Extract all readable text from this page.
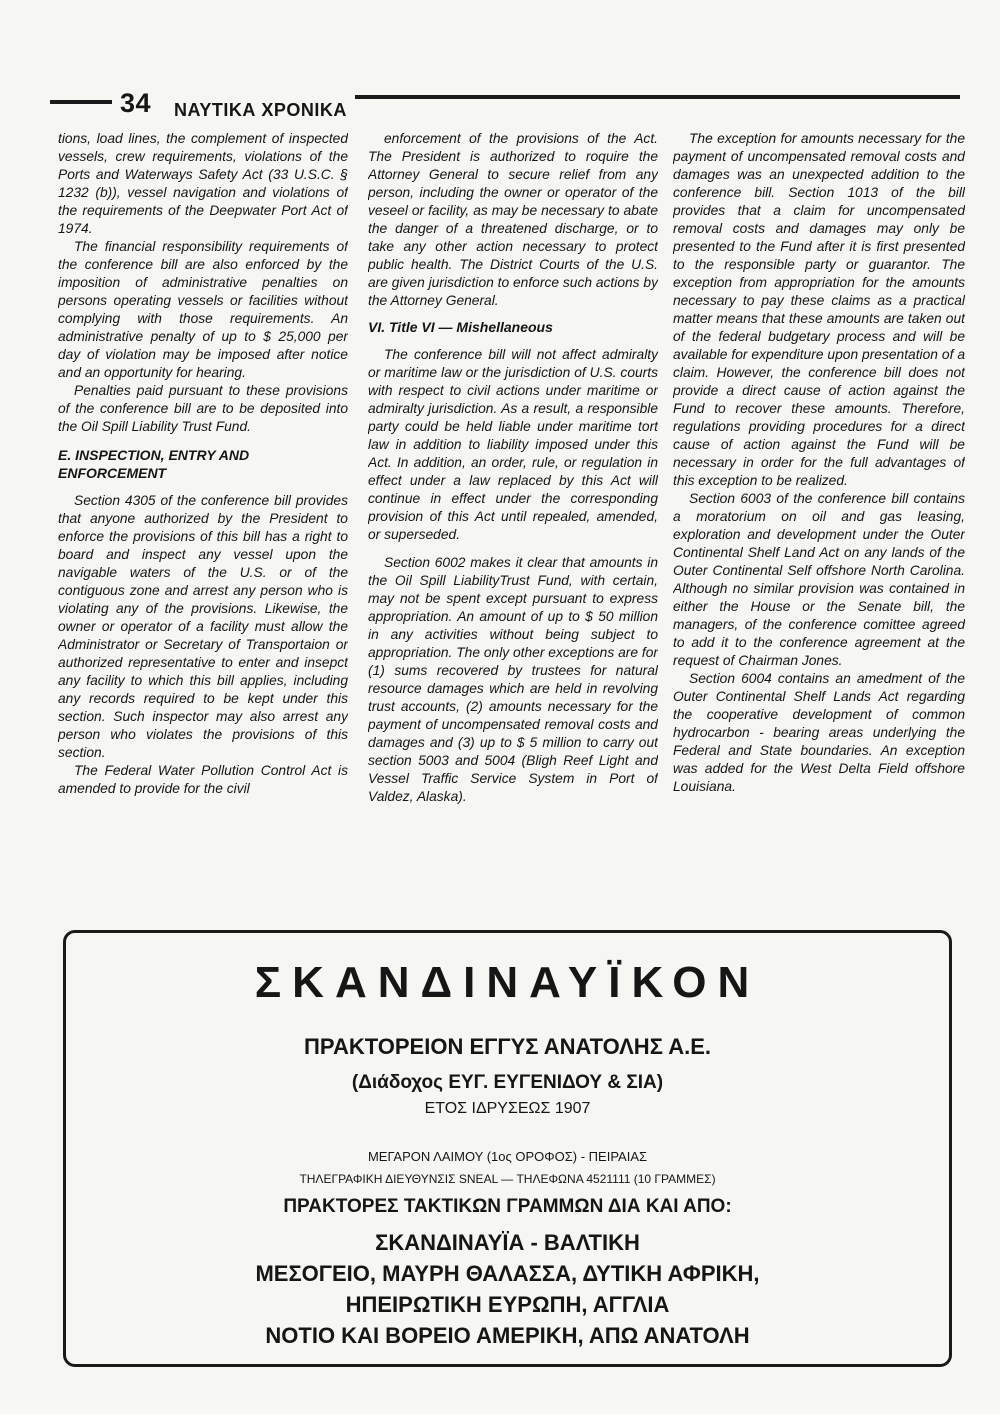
34 ΝΑΥΤΙΚΑ ΧΡΟΝΙΚΑ

tions, load lines, the complement of inspected vessels, crew requirements, violations of the Ports and Waterways Safety Act (33 U.S.C. § 1232 (b)), vessel navigation and violations of the requirements of the Deepwater Port Act of 1974.

The financial responsibility requirements of the conference bill are also enforced by the imposition of administrative penalties on persons operating vessels or facilities without complying with those requirements. An administrative penalty of up to $ 25,000 per day of violation may be imposed after notice and an opportunity for hearing.

Penalties paid pursuant to these provisions of the conference bill are to be deposited into the Oil Spill Liability Trust Fund.

E. INSPECTION, ENTRY AND ENFORCEMENT

Section 4305 of the conference bill provides that anyone authorized by the President to enforce the provisions of this bill has a right to board and inspect any vessel upon the navigable waters of the U.S. or of the contiguous zone and arrest any person who is violating any of the provisions. Likewise, the owner or operator of a facility must allow the Administrator or Secretary of Transportaion or authorized representative to enter and insepct any facility to which this bill applies, including any records required to be kept under this section. Such inspector may also arrest any person who violates the provisions of this section.

The Federal Water Pollution Control Act is amended to provide for the civil

enforcement of the provisions of the Act. The President is authorized to roquire the Attorney General to secure relief from any person, including the owner or operator of the veseel or facility, as may be necessary to abate the danger of a threatened discharge, or to take any other action necessary to protect public health. The District Courts of the U.S. are given jurisdiction to enforce such actions by the Attorney General.

VI. Title VI — Mishellaneous

The conference bill will not affect admiralty or maritime law or the jurisdiction of U.S. courts with respect to civil actions under maritime or admiralty jurisdiction. As a result, a responsible party could be held liable under maritime tort law in addition to liability imposed under this Act. In addition, an order, rule, or regulation in effect under a law replaced by this Act will continue in effect under the corresponding provision of this Act until repealed, amended, or superseded.

Section 6002 makes it clear that amounts in the Oil Spill LiabilityTrust Fund, with certain, may not be spent except pursuant to express appropriation. An amount of up to $ 50 million in any activities without being subject to appropriation. The only other exceptions are for (1) sums recovered by trustees for natural resource damages which are held in revolving trust accounts, (2) amounts necessary for the payment of uncompensated removal costs and damages and (3) up to $ 5 million to carry out section 5003 and 5004 (Bligh Reef Light and Vessel Traffic Service System in Port of Valdez, Alaska).

The exception for amounts necessary for the payment of uncompensated removal costs and damages was an unexpected addition to the conference bill. Section 1013 of the bill provides that a claim for uncompensated removal costs and damages may only be presented to the Fund after it is first presented to the responsible party or guarantor. The exception from appropriation for the amounts necessary to pay these claims as a practical matter means that these amounts are taken out of the federal budgetary process and will be available for expenditure upon presentation of a claim. However, the conference bill does not provide a direct cause of action against the Fund to recover these amounts. Therefore, regulations providing procedures for a direct cause of action against the Fund will be necessary in order for the full advantages of this exception to be realized.

Section 6003 of the conference bill contains a moratorium on oil and gas leasing, exploration and development under the Outer Continental Shelf Land Act on any lands of the Outer Continental Self offshore North Carolina. Although no similar provision was contained in either the House or the Senate bill, the managers, of the conference comittee agreed to add it to the conference agreement at the request of Chairman Jones.

Section 6004 contains an amedment of the Outer Continental Shelf Lands Act regarding the cooperative development of common hydrocarbon - bearing areas underlying the Federal and State boundaries. An exception was added for the West Delta Field offshore Louisiana.

ΣΚΑΝΔΙΝΑΥΪΚΟΝ
ΠΡΑΚΤΟΡΕΙΟΝ ΕΓΓΥΣ ΑΝΑΤΟΛΗΣ Α.Ε.
(Διάδοχος ΕΥΓ. ΕΥΓΕΝΙΔΟΥ & ΣΙΑ)
ΕΤΟΣ ΙΔΡΥΣΕΩΣ 1907
ΜΕΓΑΡΟΝ ΛΑΙΜΟΥ (1ος ΟΡΟΦΟΣ) - ΠΕΙΡΑΙΑΣ
ΤΗΛΕΓΡΑΦΙΚΗ ΔΙΕΥΘΥΝΣΙΣ SNEAL — ΤΗΛΕΦΩΝΑ 4521111 (10 ΓΡΑΜΜΕΣ)
ΠΡΑΚΤΟΡΕΣ ΤΑΚΤΙΚΩΝ ΓΡΑΜΜΩΝ ΔΙΑ ΚΑΙ ΑΠΟ:
ΣΚΑΝΔΙΝΑΥΪΑ - ΒΑΛΤΙΚΗ
ΜΕΣΟΓΕΙΟ, ΜΑΥΡΗ ΘΑΛΑΣΣΑ, ΔΥΤΙΚΗ ΑΦΡΙΚΗ,
ΗΠΕΙΡΩΤΙΚΗ ΕΥΡΩΠΗ, ΑΓΓΛΙΑ
ΝΟΤΙΟ ΚΑΙ ΒΟΡΕΙΟ ΑΜΕΡΙΚΗ, ΑΠΩ ΑΝΑΤΟΛΗ
